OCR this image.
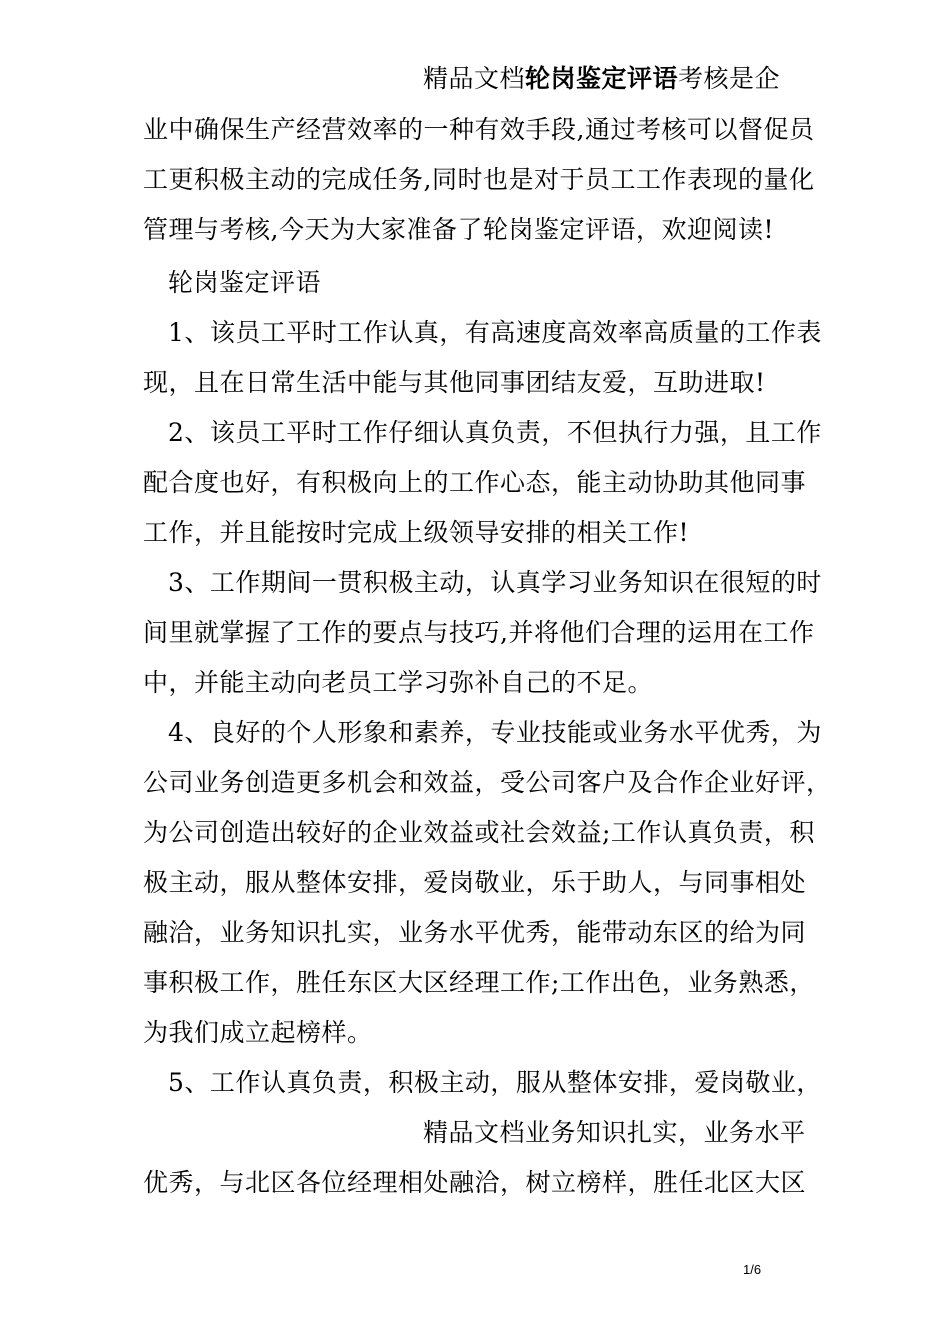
精品文档轮岗鉴定评语考核是企
业中确保生产经营效率的一种有效手段,通过考核可以督促员
工更积极主动的完成任务,同时也是对于员工工作表现的量化
管理与考核,今天为大家准备了轮岗鉴定评语，欢迎阅读!
轮岗鉴定评语
1、该员工平时工作认真，有高速度高效率高质量的工作表
现，且在日常生活中能与其他同事团结友爱，互助进取!
2、该员工平时工作仔细认真负责，不但执行力强，且工作
配合度也好，有积极向上的工作心态，能主动协助其他同事
工作，并且能按时完成上级领导安排的相关工作!
3、工作期间一贯积极主动，认真学习业务知识在很短的时
间里就掌握了工作的要点与技巧,并将他们合理的运用在工作
中，并能主动向老员工学习弥补自己的不足。
4、良好的个人形象和素养，专业技能或业务水平优秀，为
公司业务创造更多机会和效益，受公司客户及合作企业好评，
为公司创造出较好的企业效益或社会效益;工作认真负责，积
极主动，服从整体安排，爱岗敬业，乐于助人，与同事相处
融洽，业务知识扎实，业务水平优秀，能带动东区的给为同
事积极工作，胜任东区大区经理工作;工作出色，业务熟悉，
为我们成立起榜样。
5、工作认真负责，积极主动，服从整体安排，爱岗敬业，
精品文档业务知识扎实，业务水平
优秀，与北区各位经理相处融洽，树立榜样，胜任北区大区
1/6
